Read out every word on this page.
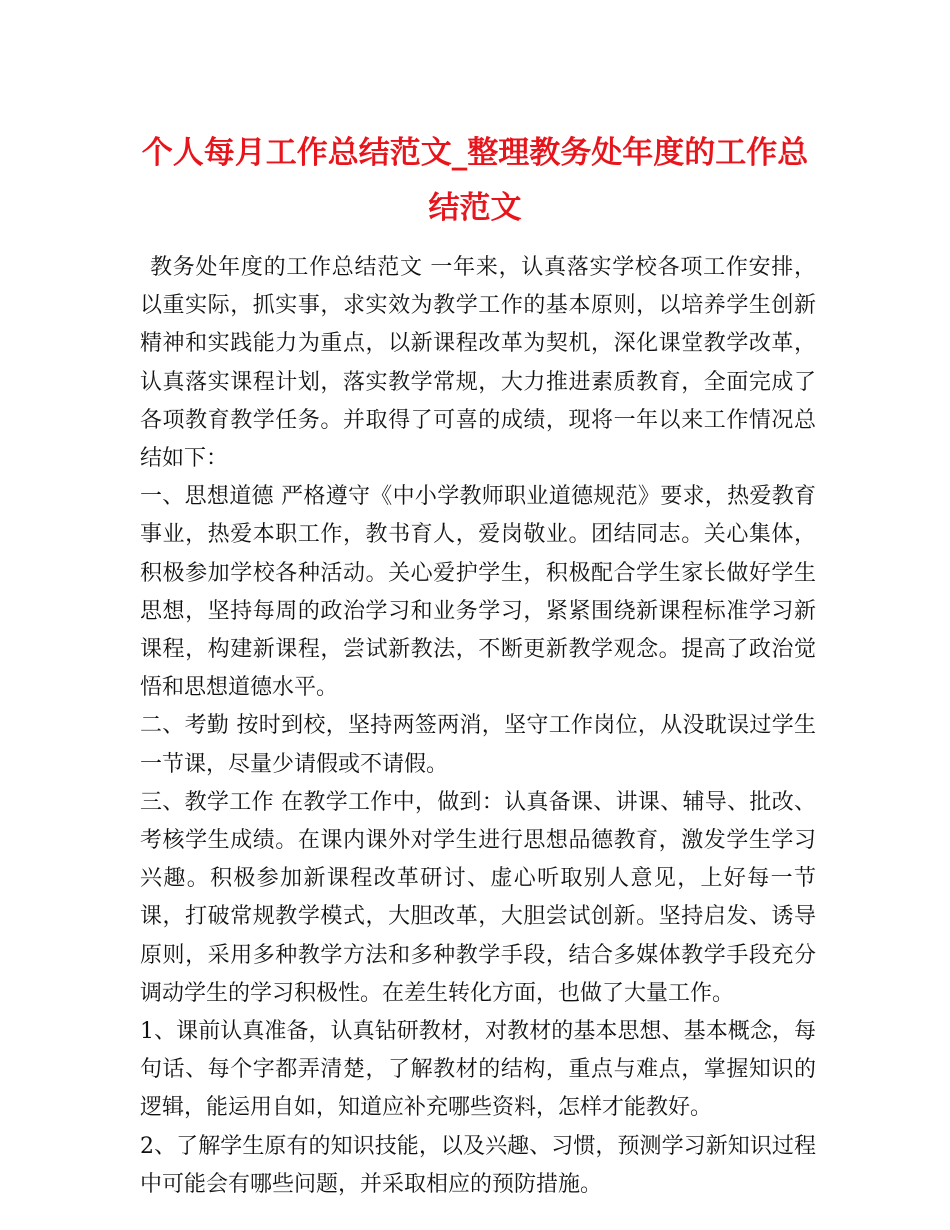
个人每月工作总结范文_整理教务处年度的工作总结范文

教务处年度的工作总结范文 一年来，认真落实学校各项工作安排，以重实际，抓实事，求实效为教学工作的基本原则，以培养学生创新精神和实践能力为重点，以新课程改革为契机，深化课堂教学改革，认真落实课程计划，落实教学常规，大力推进素质教育，全面完成了各项教育教学任务。并取得了可喜的成绩，现将一年以来工作情况总结如下：

一、思想道德 严格遵守《中小学教师职业道德规范》要求，热爱教育事业，热爱本职工作，教书育人，爱岗敬业。团结同志。关心集体，积极参加学校各种活动。关心爱护学生，积极配合学生家长做好学生思想，坚持每周的政治学习和业务学习，紧紧围绕新课程标准学习新课程，构建新课程，尝试新教法，不断更新教学观念。提高了政治觉悟和思想道德水平。

二、考勤 按时到校，坚持两签两消，坚守工作岗位，从没耽误过学生一节课，尽量少请假或不请假。

三、教学工作 在教学工作中，做到：认真备课、讲课、辅导、批改、考核学生成绩。在课内课外对学生进行思想品德教育，激发学生学习兴趣。积极参加新课程改革研讨、虚心听取别人意见，上好每一节课，打破常规教学模式，大胆改革，大胆尝试创新。坚持启发、诱导原则，采用多种教学方法和多种教学手段，结合多媒体教学手段充分调动学生的学习积极性。在差生转化方面，也做了大量工作。

1、课前认真准备，认真钻研教材，对教材的基本思想、基本概念，每句话、每个字都弄清楚，了解教材的结构，重点与难点，掌握知识的逻辑，能运用自如，知道应补充哪些资料，怎样才能教好。

2、了解学生原有的知识技能，以及兴趣、习惯，预测学习新知识过程中可能会有哪些问题，并采取相应的预防措施。
